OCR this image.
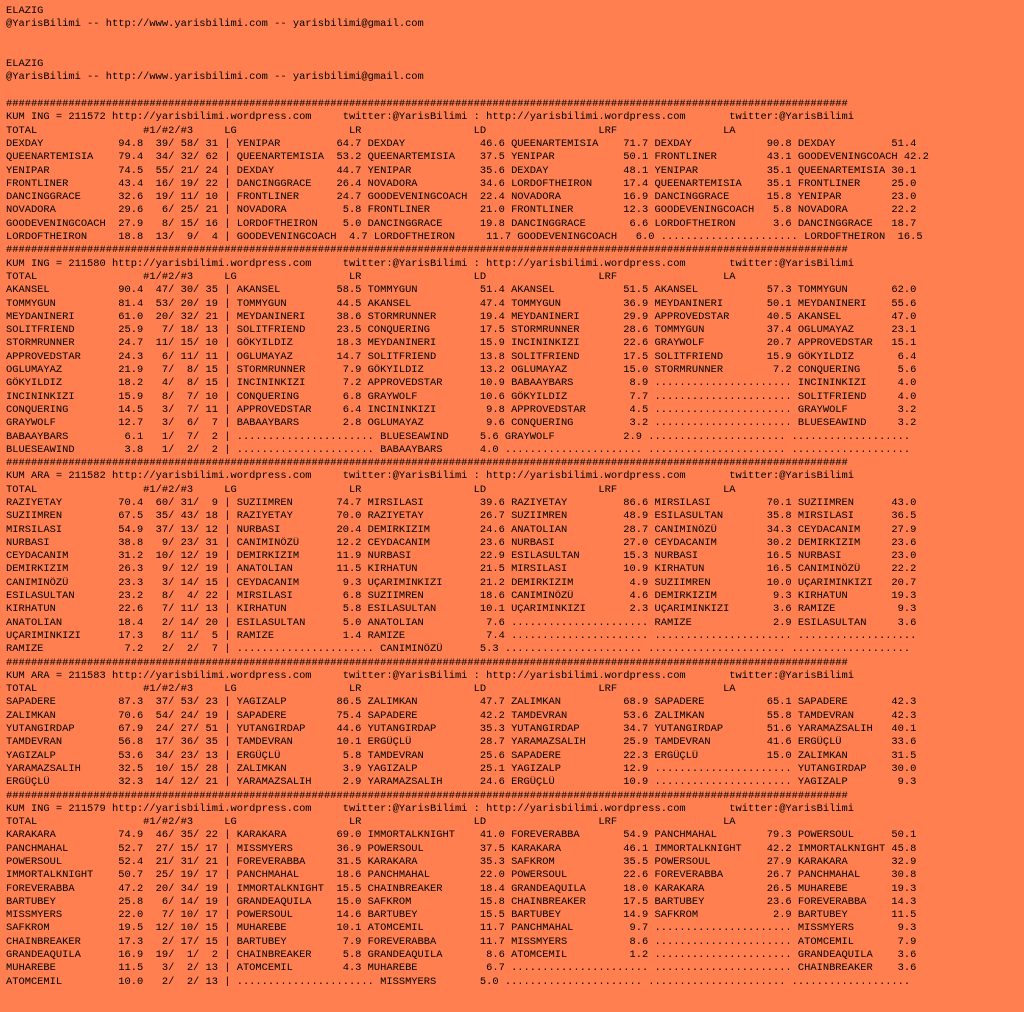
ELAZIG
@YarisBilimi -- http://www.yarisbilimi.com -- yarisbilimi@gmail.com
ELAZIG
@YarisBilimi -- http://www.yarisbilimi.com -- yarisbilimi@gmail.com
#######################################################################################################################################
KUM ING = 211572 http://yarisbilimi.wordpress.com     twitter:@YarisBilimi : http://yarisbilimi.wordpress.com       twitter:@YarisBilimi
TOTAL                 #1/#2/#3     LG                  LR                  LD                  LRF                 LA
DEXDAY            94.8  39/ 58/ 31 | YENIPAR         64.7 DEXDAY            46.6 QUEENARTEMISIA    71.7 DEXDAY            90.8 DEXDAY         51.4
QUEENARTEMISIA    79.4  34/ 32/ 62 | QUEENARTEMISIA  53.2 QUEENARTEMISIA    37.5 YENIPAR           50.1 FRONTLINER        43.1 GOODEVENINGCOACH 42.2
YENIPAR           74.5  55/ 21/ 24 | DEXDAY          44.7 YENIPAR           35.6 DEXDAY            48.1 YENIPAR           35.1 QUEENARTEMISIA 30.1
FRONTLINER        43.4  16/ 19/ 22 | DANCINGGRACE    26.4 NOVADORA          34.6 LORDOFTHEIRON     17.4 QUEENARTEMISIA    35.1 FRONTLINER     25.0
DANCINGGRACE      32.6  19/ 11/ 10 | FRONTLINER      24.7 GOODEVENINGCOACH  22.4 NOVADORA          16.9 DANCINGGRACE      15.8 YENIPAR        23.0
NOVADORA          29.6   6/ 25/ 21 | NOVADORA         5.8 FRONTLINER        21.0 FRONTLINER        12.3 GOODEVENINGCOACH   5.8 NOVADORA       22.2
GOODEVENINGCOACH  27.9   8/ 15/ 16 | LORDOFTHEIRON    5.0 DANCINGGRACE      19.8 DANCINGGRACE       6.6 LORDOFTHEIRON      3.6 DANCINGGRACE   18.7
LORDOFTHEIRON     18.8  13/  9/  4 | GOODEVENINGCOACH  4.7 LORDOFTHEIRON     11.7 GOODEVENINGCOACH   6.0 ...................... LORDOFTHEIRON  16.5
#######################################################################################################################################
KUM ING = 211580 http://yarisbilimi.wordpress.com     twitter:@YarisBilimi : http://yarisbilimi.wordpress.com       twitter:@YarisBilimi
TOTAL                 #1/#2/#3     LG                  LR                  LD                  LRF                 LA
AKANSEL           90.4  47/ 30/ 35 | AKANSEL         58.5 TOMMYGUN          51.4 AKANSEL           51.5 AKANSEL           57.3 TOMMYGUN       62.0
TOMMYGUN          81.4  53/ 20/ 19 | TOMMYGUN        44.5 AKANSEL           47.4 TOMMYGUN          36.9 MEYDANINERI       50.1 MEYDANINERI    55.6
MEYDANINERI       61.0  20/ 32/ 21 | MEYDANINERI     38.6 STORMRUNNER       19.4 MEYDANINERI       29.9 APPROVEDSTAR      40.5 AKANSEL        47.0
SOLITFRIEND       25.9   7/ 18/ 13 | SOLITFRIEND     23.5 CONQUERING        17.5 STORMRUNNER       28.6 TOMMYGUN          37.4 OGLUMAYAZ      23.1
STORMRUNNER       24.7  11/ 15/ 10 | GÖKYILDIZ       18.3 MEYDANINERI       15.9 INCININKIZI       22.6 GRAYWOLF          20.7 APPROVEDSTAR   15.1
APPROVEDSTAR      24.3   6/ 11/ 11 | OGLUMAYAZ       14.7 SOLITFRIEND       13.8 SOLITFRIEND       17.5 SOLITFRIEND       15.9 GÖKYILDIZ       6.4
OGLUMAYAZ         21.9   7/  8/ 15 | STORMRUNNER      7.9 GÖKYILDIZ         13.2 OGLUMAYAZ         15.0 STORMRUNNER        7.2 CONQUERING      5.6
GÖKYILDIZ         18.2   4/  8/ 15 | INCININKIZI      7.2 APPROVEDSTAR      10.9 BABAAYBARS         8.9 ...................... INCININKIZI     4.0
INCININKIZI       15.9   8/  7/ 10 | CONQUERING       6.8 GRAYWOLF          10.6 GÖKYILDIZ          7.7 ...................... SOLITFRIEND     4.0
CONQUERING        14.5   3/  7/ 11 | APPROVEDSTAR     6.4 INCININKIZI        9.8 APPROVEDSTAR       4.5 ...................... GRAYWOLF        3.2
GRAYWOLF          12.7   3/  6/  7 | BABAAYBARS       2.8 OGLUMAYAZ          9.6 CONQUERING         3.2 ...................... BLUESEAWIND     3.2
BABAAYBARS         6.1   1/  7/  2 | ...................... BLUESEAWIND     5.6 GRAYWOLF           2.9 ...................... ...................
BLUESEAWIND        3.8   1/  2/  2 | ...................... BABAAYBARS      4.0 ...................... ...................... ...................
#######################################################################################################################################
KUM ARA = 211582 http://yarisbilimi.wordpress.com     twitter:@YarisBilimi : http://yarisbilimi.wordpress.com       twitter:@YarisBilimi
TOTAL                 #1/#2/#3     LG                  LR                  LD                  LRF                 LA
RAZIYETAY         70.4  60/ 31/  9 | SUZIIMREN       74.7 MIRSILASI         39.6 RAZIYETAY         86.6 MIRSILASI         70.1 SUZIIMREN      43.0
SUZIIMREN         67.5  35/ 43/ 18 | RAZIYETAY       70.0 RAZIYETAY         26.7 SUZIIMREN         48.9 ESILASULTAN       35.8 MIRSILASI      36.5
MIRSILASI         54.9  37/ 13/ 12 | NURBASI         20.4 DEMIRKIZIM        24.6 ANATOLIAN         28.7 CANIMINÖZÜ        34.3 CEYDACANIM     27.9
NURBASI           38.8   9/ 23/ 31 | CANIMINÖZÜ      12.2 CEYDACANIM        23.6 NURBASI           27.0 CEYDACANIM        30.2 DEMIRKIZIM     23.6
CEYDACANIM        31.2  10/ 12/ 19 | DEMIRKIZIM      11.9 NURBASI           22.9 ESILASULTAN       15.3 NURBASI           16.5 NURBASI        23.0
DEMIRKIZIM        26.3   9/ 12/ 19 | ANATOLIAN       11.5 KIRHATUN          21.5 MIRSILASI         10.9 KIRHATUN          16.5 CANIMINÖZÜ     22.2
CANIMINÖZÜ        23.3   3/ 14/ 15 | CEYDACANIM       9.3 UÇARIMINKIZI      21.2 DEMIRKIZIM         4.9 SUZIIMREN         10.0 UÇARIMINKIZI   20.7
ESILASULTAN       23.2   8/  4/ 22 | MIRSILASI        6.8 SUZIIMREN         18.6 CANIMINÖZÜ         4.6 DEMIRKIZIM         9.3 KIRHATUN       19.3
KIRHATUN          22.6   7/ 11/ 13 | KIRHATUN         5.8 ESILASULTAN       10.1 UÇARIMINKIZI       2.3 UÇARIMINKIZI       3.6 RAMIZE          9.3
ANATOLIAN         18.4   2/ 14/ 20 | ESILASULTAN      5.0 ANATOLIAN          7.6 ...................... RAMIZE             2.9 ESILASULTAN     3.6
UÇARIMINKIZI      17.3   8/ 11/  5 | RAMIZE           1.4 RAMIZE             7.4 ...................... ...................... ...................
RAMIZE             7.2   2/  2/  7 | ...................... CANIMINÖZÜ      5.3 ...................... ...................... ...................
#######################################################################################################################################
KUM ARA = 211583 http://yarisbilimi.wordpress.com     twitter:@YarisBilimi : http://yarisbilimi.wordpress.com       twitter:@YarisBilimi
TOTAL                 #1/#2/#3     LG                  LR                  LD                  LRF                 LA
SAPADERE          87.3  37/ 53/ 23 | YAGIZALP        86.5 ZALIMKAN          47.7 ZALIMKAN          68.9 SAPADERE          65.1 SAPADERE       42.3
ZALIMKAN          70.6  54/ 24/ 19 | SAPADERE        75.4 SAPADERE          42.2 TAMDEVRAN         53.6 ZALIMKAN          55.8 TAMDEVRAN      42.3
YUTANGIRDAP       67.9  24/ 27/ 51 | YUTANGIRDAP     44.6 YUTANGIRDAP       35.3 YUTANGIRDAP       34.7 YUTANGIRDAP       51.6 YARAMAZSALIH   40.1
TAMDEVRAN         56.8  17/ 36/ 35 | TAMDEVRAN       10.1 ERGÜÇLÜ           28.7 YARAMAZSALIH      25.9 TAMDEVRAN         41.6 ERGÜÇLÜ        33.6
YAGIZALP          53.6  34/ 23/ 13 | ERGÜÇLÜ          5.8 TAMDEVRAN         25.6 SAPADERE          22.3 ERGÜÇLÜ           15.0 ZALIMKAN       31.5
YARAMAZSALIH      32.5  10/ 15/ 28 | ZALIMKAN         3.9 YAGIZALP          25.1 YAGIZALP          12.9 ...................... YUTANGIRDAP    30.0
ERGÜÇLÜ           32.3  14/ 12/ 21 | YARAMAZSALIH     2.9 YARAMAZSALIH      24.6 ERGÜÇLÜ           10.9 ...................... YAGIZALP        9.3
#######################################################################################################################################
KUM ING = 211579 http://yarisbilimi.wordpress.com     twitter:@YarisBilimi : http://yarisbilimi.wordpress.com       twitter:@YarisBilimi
TOTAL                 #1/#2/#3     LG                  LR                  LD                  LRF                 LA
KARAKARA          74.9  46/ 35/ 22 | KARAKARA        69.0 IMMORTALKNIGHT    41.0 FOREVERABBA       54.9 PANCHMAHAL        79.3 POWERSOUL      50.1
PANCHMAHAL        52.7  27/ 15/ 17 | MISSMYERS       36.9 POWERSOUL         37.5 KARAKARA          46.1 IMMORTALKNIGHT    42.2 IMMORTALKNIGHT 45.8
POWERSOUL         52.4  21/ 31/ 21 | FOREVERABBA     31.5 KARAKARA          35.3 SAFKROM           35.5 POWERSOUL         27.9 KARAKARA       32.9
IMMORTALKNIGHT    50.7  25/ 19/ 17 | PANCHMAHAL      18.6 PANCHMAHAL        22.0 POWERSOUL         22.6 FOREVERABBA       26.7 PANCHMAHAL     30.8
FOREVERABBA       47.2  20/ 34/ 19 | IMMORTALKNIGHT  15.5 CHAINBREAKER      18.4 GRANDEAQUILA      18.0 KARAKARA          26.5 MUHAREBE       19.3
BARTUBEY          25.8   6/ 14/ 19 | GRANDEAQUILA    15.0 SAFKROM           15.8 CHAINBREAKER      17.5 BARTUBEY          23.6 FOREVERABBA    14.3
MISSMYERS         22.0   7/ 10/ 17 | POWERSOUL       14.6 BARTUBEY          15.5 BARTUBEY          14.9 SAFKROM            2.9 BARTUBEY       11.5
SAFKROM           19.5  12/ 10/ 15 | MUHAREBE        10.1 ATOMCEMIL         11.7 PANCHMAHAL         9.7 ...................... MISSMYERS       9.3
CHAINBREAKER      17.3   2/ 17/ 15 | BARTUBEY         7.9 FOREVERABBA       11.7 MISSMYERS          8.6 ...................... ATOMCEMIL       7.9
GRANDEAQUILA      16.9  19/  1/  2 | CHAINBREAKER     5.8 GRANDEAQUILA       8.6 ATOMCEMIL          1.2 ...................... GRANDEAQUILA    3.6
MUHAREBE          11.5   3/  2/ 13 | ATOMCEMIL        4.3 MUHAREBE           6.7 ...................... ...................... CHAINBREAKER    3.6
ATOMCEMIL         10.0   2/  2/ 13 | ...................... MISSMYERS       5.0 ...................... ...................... ...................
